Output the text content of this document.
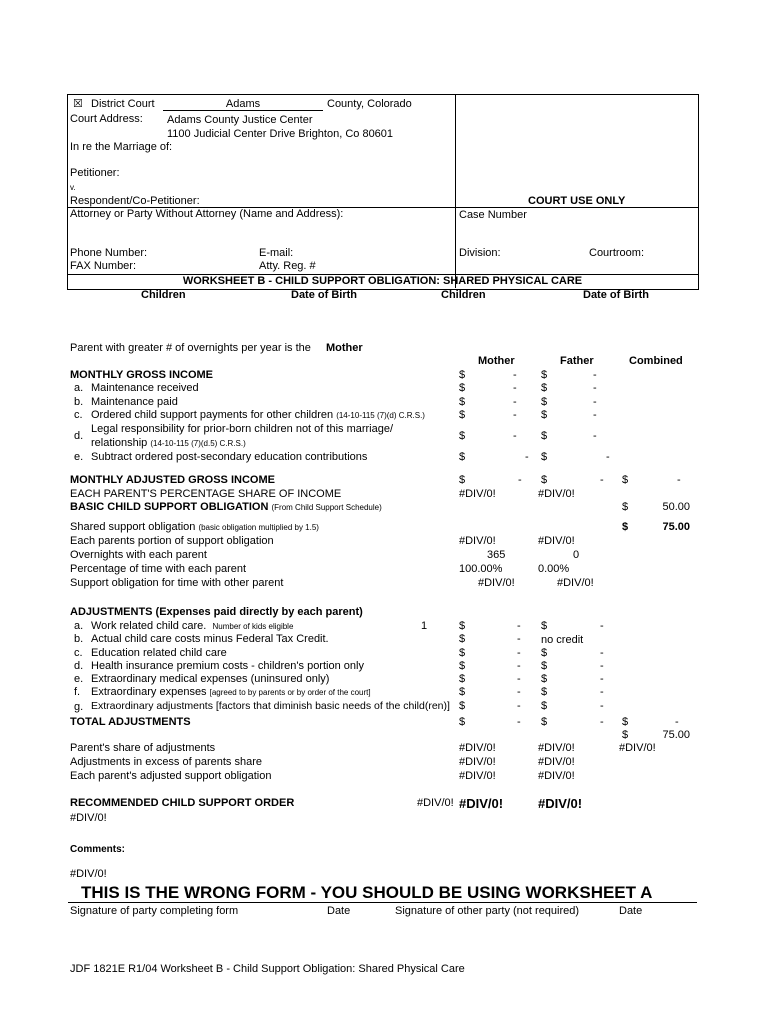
☒ District Court	Adams	County, Colorado
Court Address: Adams County Justice Center
1100 Judicial Center Drive Brighton, Co 80601
In re the Marriage of:
Petitioner:
v.
Respondent/Co-Petitioner:	COURT USE ONLY
Attorney or Party Without Attorney (Name and Address):	Case Number
Phone Number:	E-mail:	Division:	Courtroom:
FAX Number:	Atty. Reg. #
WORKSHEET B - CHILD SUPPORT OBLIGATION: SHARED PHYSICAL CARE
Children	Date of Birth	Children	Date of Birth
Parent with greater # of overnights per year is the Mother
Mother	Father	Combined
MONTHLY GROSS INCOME	$	- $	-
a. Maintenance received	$	- $	-
b. Maintenance paid	$	- $	-
c. Ordered child support payments for other children (14-10-115 (7)(d) C.R.S.)	$	- $	-
d.
Legal responsibility for prior-born children not of this marriage/
relationship (14-10-115 (7)(d.5) C.R.S.)
$	- $	-
e. Subtract ordered post-secondary education contributions	$	- $	-
MONTHLY ADJUSTED GROSS INCOME	$	- $	- $	-
EACH PARENT'S PERCENTAGE SHARE OF INCOME	#DIV/0!	#DIV/0!
BASIC CHILD SUPPORT OBLIGATION (From Child Support Schedule)	$	50.00
Shared support obligation (basic obligation multiplied by 1.5)	$	75.00
Each parents portion of support obligation	#DIV/0!	#DIV/0!
Overnights with each parent	365	0
Percentage of time with each parent	100.00%	0.00%
Support obligation for time with other parent	#DIV/0!	#DIV/0!
ADJUSTMENTS (Expenses paid directly by each parent)
a. Work related child care. Number of kids eligible	1	$	- $	-
b. Actual child care costs minus Federal Tax Credit.	$	- no credit
c. Education related child care	$	- $	-
d. Health insurance premium costs - children's portion only	$	- $	-
e. Extraordinary medical expenses (uninsured only)	$	- $	-
f. Extraordinary expenses [agreed to by parents or by order of the court]	$	- $	-
g. Extraordinary adjustments [factors that diminish basic needs of the child(ren)] $	- $	-
TOTAL ADJUSTMENTS	$	- $	- $	-
$	75.00
Parent's share of adjustments	#DIV/0!	#DIV/0!	#DIV/0!
Adjustments in excess of parents share	#DIV/0!	#DIV/0!
Each parent's adjusted support obligation	#DIV/0!	#DIV/0!
RECOMMENDED CHILD SUPPORT ORDER	#DIV/0! #DIV/0!	#DIV/0!
#DIV/0!
Comments:
#DIV/0!
THIS IS THE WRONG FORM - YOU SHOULD BE USING WORKSHEET A
Signature of party completing form	Date	Signature of other party (not required)	Date
JDF 1821E R1/04 Worksheet B - Child Support Obligation: Shared Physical Care
